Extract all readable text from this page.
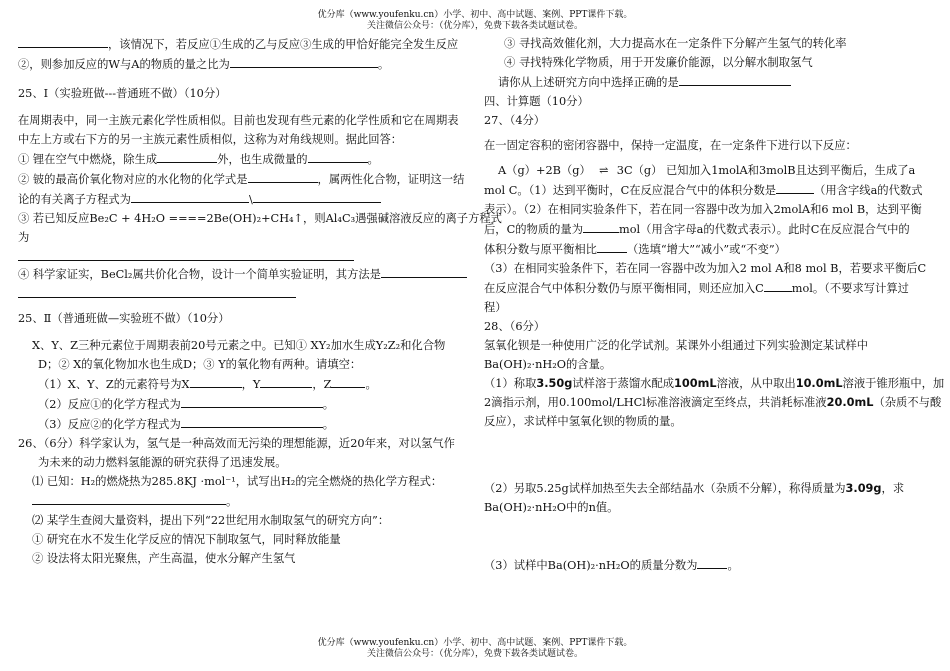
优分库（www.youfenku.cn）小学、初中、高中试题、案例、PPT课件下载。
关注微信公众号：（优分库），免费下载各类试题试卷。

，该情况下，若反应①生成的乙与反应③生成的甲恰好能完全发生反应

②，则参加反应的W与A的物质的量之比为	。

25、Ⅰ（实验班做---普通班不做）（10分）

在周期表中，同一主族元素化学性质相似。目前也发现有些元素的化学性质和它在周期表

中左上方或右下方的另一主族元素性质相似，这称为对角线规则。据此回答：

① 锂在空气中燃烧，除生成	外，也生成微量的	。

② 铍的最高价氧化物对应的水化物的化学式是	，属两性化合物，证明这一结

论的有关离子方程式为	\

③ 若已知反应Be₂C + 4H₂O ====2Be(OH)₂+CH₄↑，则Al₄C₃遇强碱溶液反应的离子方程式

为

④ 科学家证实，BeCl₂属共价化合物，设计一个简单实验证明，其方法是

25、Ⅱ（普通班做—实验班不做）（10分）

X、Y、Z三种元素位于周期表前20号元素之中。已知① XY₂加水生成Y₂Z₂和化合物

D；② X的氧化物加水也生成D；③ Y的氧化物有两种。请填空：

（1）X、Y、Z的元素符号为X	，Y	，Z	。

（2）反应①的化学方程式为	。

（3）反应②的化学方程式为	。

26、（6分）科学家认为，氢气是一种高效而无污染的理想能源，近20年来，对以氢气作

为未来的动力燃料氢能源的研究获得了迅速发展。

⑴ 已知：H₂的燃烧热为285.8KJ ·mol⁻¹，试写出H₂的完全燃烧的热化学方程式：

。

⑵ 某学生查阅大量资料，提出下列“22世纪用水制取氢气的研究方向”：

① 研究在水不发生化学反应的情况下制取氢气，同时释放能量

② 设法将太阳光聚焦，产生高温，使水分解产生氢气

③ 寻找高效催化剂，大力提高水在一定条件下分解产生氢气的转化率

④ 寻找特殊化学物质，用于开发廉价能源，以分解水制取氢气

请你从上述研究方向中选择正确的是

四、计算题（10分）

27、（4分）

在一固定容积的密闭容器中，保持一定温度，在一定条件下进行以下反应：

A（g）+2B（g） ⇌ 3C（g） 已知加入1molA和3molB且达到平衡后，生成了a

mol C。（1）达到平衡时，C在反应混合气中的体积分数是	（用含字线a的代数式

表示）。（2）在相同实验条件下，若在同一容器中改为加入2molA和6 mol B，达到平衡

后，C的物质的量为	mol（用含字母a的代数式表示）。此时C在反应混合气中的

体积分数与原平衡相比	（选填“增大”“减小”或“不变”）

（3）在相同实验条件下，若在同一容器中改为加入2 mol A和8 mol B，若要求平衡后C

在反应混合气中体积分数仍与原平衡相同，则还应加入C mol。（不要求写计算过

程）

28、（6分）

氢氧化钡是一种使用广泛的化学试剂。某课外小组通过下列实验测定某试样中

Ba(OH)₂·nH₂O的含量。

（1）称取3.50g试样溶于蒸馏水配成100mL溶液，从中取出10.0mL溶液于锥形瓶中，加

2滴指示剂，用0.100mol/LHCl标准溶液滴定至终点，共消耗标准液20.0mL（杂质不与酸

反应），求试样中氢氧化钡的物质的量。

（2）另取5.25g试样加热至失去全部结晶水（杂质不分解），称得质量为3.09g，求

Ba(OH)₂·nH₂O中的n值。

（3）试样中Ba(OH)₂·nH₂O的质量分数为	。

优分库（www.youfenku.cn）小学、初中、高中试题、案例、PPT课件下载。
关注微信公众号：（优分库），免费下载各类试题试卷。
